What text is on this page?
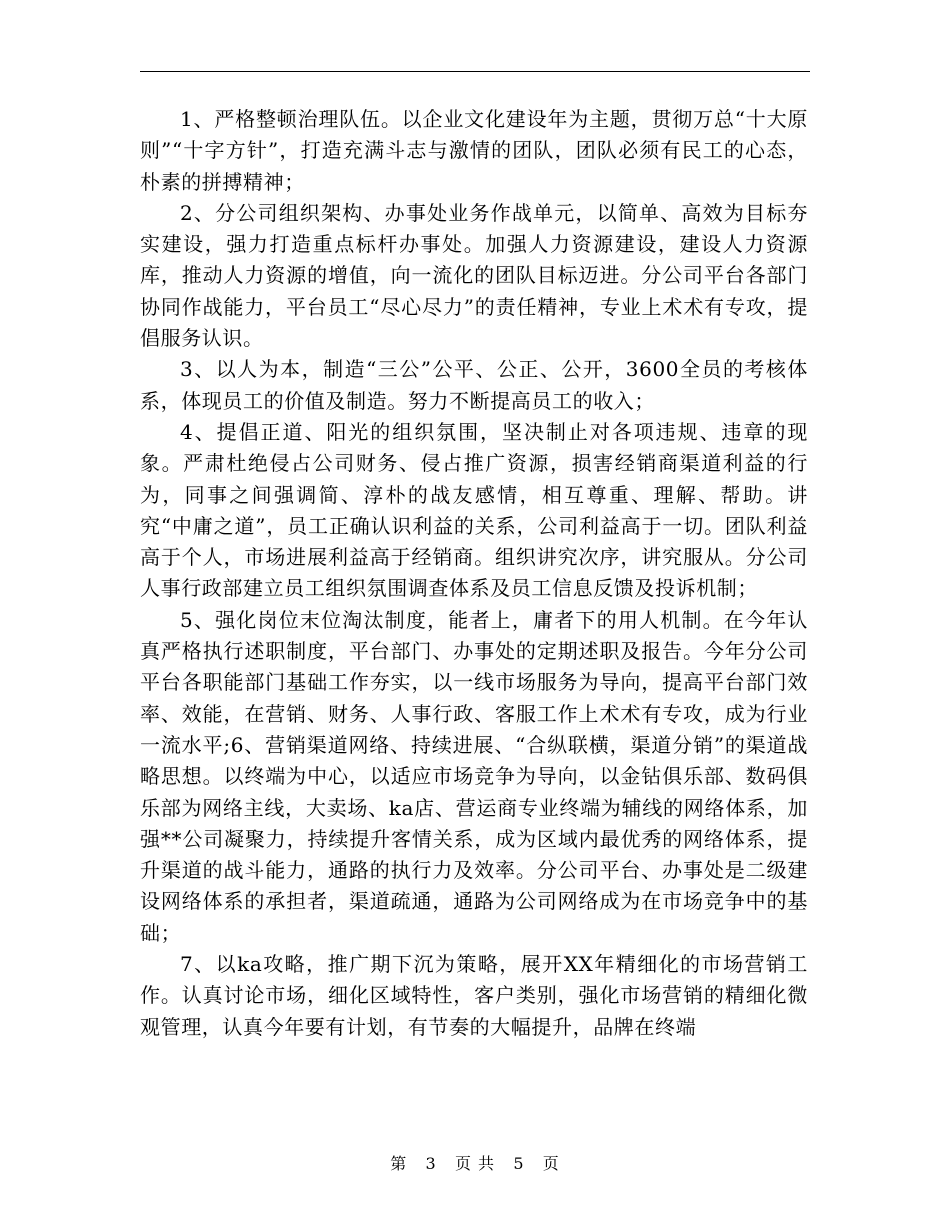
1、严格整顿治理队伍。以企业文化建设年为主题，贯彻万总“十大原则”“十字方针”，打造充满斗志与激情的团队，团队必须有民工的心态，朴素的拼搏精神；

2、分公司组织架构、办事处业务作战单元，以简单、高效为目标夯实建设，强力打造重点标杆办事处。加强人力资源建设，建设人力资源库，推动人力资源的增值，向一流化的团队目标迈进。分公司平台各部门协同作战能力，平台员工“尽心尽力”的责任精神，专业上术术有专攻，提倡服务认识。

3、以人为本，制造“三公”公平、公正、公开，3600全员的考核体系，体现员工的价值及制造。努力不断提高员工的收入；

4、提倡正道、阳光的组织氛围，坚决制止对各项违规、违章的现象。严肃杜绝侵占公司财务、侵占推广资源，损害经销商渠道利益的行为，同事之间强调简、淳朴的战友感情，相互尊重、理解、帮助。讲究“中庸之道”，员工正确认识利益的关系，公司利益高于一切。团队利益高于个人，市场进展利益高于经销商。组织讲究次序，讲究服从。分公司人事行政部建立员工组织氛围调查体系及员工信息反馈及投诉机制；

5、强化岗位末位淘汰制度，能者上，庸者下的用人机制。在今年认真严格执行述职制度，平台部门、办事处的定期述职及报告。今年分公司平台各职能部门基础工作夯实，以一线市场服务为导向，提高平台部门效率、效能，在营销、财务、人事行政、客服工作上术术有专攻，成为行业一流水平;6、营销渠道网络、持续进展、“合纵联横，渠道分销”的渠道战略思想。以终端为中心，以适应市场竞争为导向，以金钻俱乐部、数码俱乐部为网络主线，大卖场、ka店、营运商专业终端为辅线的网络体系，加强**公司凝聚力，持续提升客情关系，成为区域内最优秀的网络体系，提升渠道的战斗能力，通路的执行力及效率。分公司平台、办事处是二级建设网络体系的承担者，渠道疏通，通路为公司网络成为在市场竞争中的基础；

7、以ka攻略，推广期下沉为策略，展开XX年精细化的市场营销工作。认真讨论市场，细化区域特性，客户类别，强化市场营销的精细化微观管理，认真今年要有计划，有节奏的大幅提升，品牌在终端

第 3 页 共 5 页
